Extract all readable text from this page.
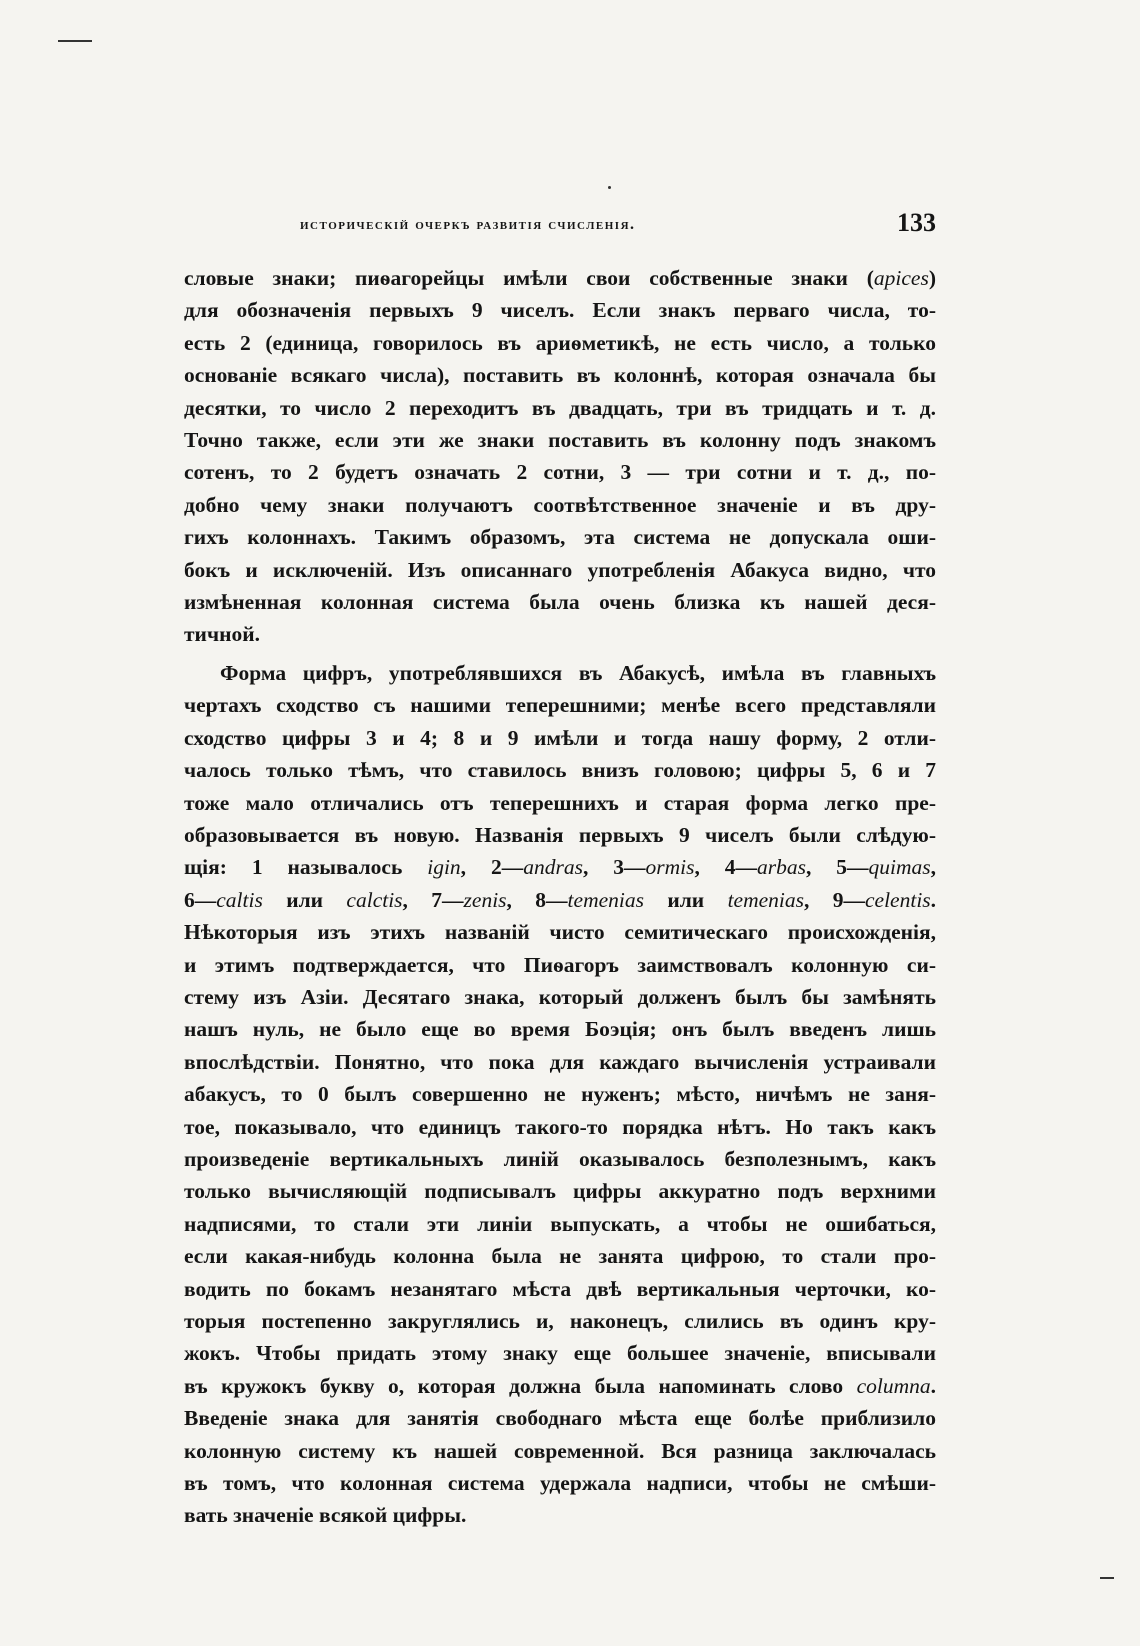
историческій очеркъ развитія счисленія.	133
словые знаки; пиѳагорейцы имѣли свои собственные знаки (apices)
для обозначенія первыхъ 9 чиселъ. Если знакъ перваго числа, то-
есть 2 (единица, говорилось въ ариѳметикѣ, не есть число, а только
основаніе всякаго числа), поставить въ колоннѣ, которая означала бы
десятки, то число 2 переходитъ въ двадцать, три въ тридцать и т. д.
Точно также, если эти же знаки поставить въ колонну подъ знакомъ
сотенъ, то 2 будетъ означать 2 сотни, 3 — три сотни и т. д., по-
добно чему знаки получаютъ соотвѣтственное значеніе и въ дру-
гихъ колоннахъ. Такимъ образомъ, эта система не допускала оши-
бокъ и исключеній. Изъ описаннаго употребленія Абакуса видно, что
измѣненная колонная система была очень близка къ нашей деся-
тичной.
Форма цифръ, употреблявшихся въ Абакусѣ, имѣла въ главныхъ
чертахъ сходство съ нашими теперешними; менѣе всего представляли
сходство цифры 3 и 4; 8 и 9 имѣли и тогда нашу форму, 2 отли-
чалось только тѣмъ, что ставилось внизъ головою; цифры 5, 6 и 7
тоже мало отличались отъ теперешнихъ и старая форма легко пре-
образовывается въ новую. Названія первыхъ 9 чиселъ были слѣдую-
щія: 1 называлось igin, 2—andras, 3—ormis, 4—arbas, 5—quimas,
6—caltis или calctis, 7—zenis, 8—temenias или temenias, 9—celentis.
Нѣкоторыя изъ этихъ названій чисто семитическаго происхожденія,
и этимъ подтверждается, что Пиѳагоръ заимствовалъ колонную си-
стему изъ Азіи. Десятаго знака, который долженъ былъ бы замѣнять
нашъ нуль, не было еще во время Боэція; онъ былъ введенъ лишь
впослѣдствіи. Понятно, что пока для каждаго вычисленія устраивали
абакусъ, то 0 былъ совершенно не нуженъ; мѣсто, ничѣмъ не заня-
тое, показывало, что единицъ такого-то порядка нѣтъ. Но такъ какъ
произведеніе вертикальныхъ линій оказывалось безполезнымъ, какъ
только вычисляющій подписывалъ цифры аккуратно подъ верхними
надписями, то стали эти линіи выпускать, а чтобы не ошибаться,
если какая-нибудь колонна была не занята цифрою, то стали про-
водить по бокамъ незанятаго мѣста двѣ вертикальныя черточки, ко-
торыя постепенно закруглялись и, наконецъ, слились въ одинъ кру-
жокъ. Чтобы придать этому знаку еще большее значеніе, вписывали
въ кружокъ букву o, которая должна была напоминать слово columna.
Введеніе знака для занятія свободнаго мѣста еще болѣе приблизило
колонную систему къ нашей современной. Вся разница заключалась
въ томъ, что колонная система удержала надписи, чтобы не смѣши-
вать значеніе всякой цифры.
